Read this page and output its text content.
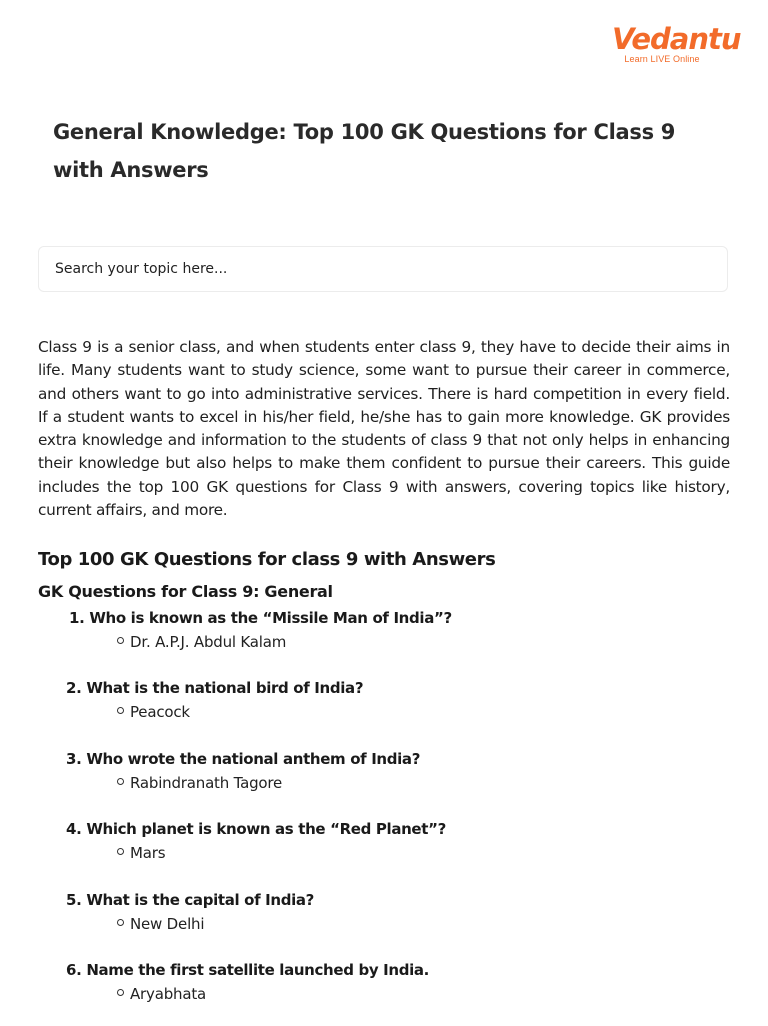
Vedantu
Learn LIVE Online
General Knowledge: Top 100 GK Questions for Class 9 with Answers
Search your topic here...

Class 9 is a senior class, and when students enter class 9, they have to decide their aims in life. Many students want to study science, some want to pursue their career in commerce, and others want to go into administrative services. There is hard competition in every field. If a student wants to excel in his/her field, he/she has to gain more knowledge. GK provides extra knowledge and information to the students of class 9 that not only helps in enhancing their knowledge but also helps to make them confident to pursue their careers. This guide includes the top 100 GK questions for Class 9 with answers, covering topics like history, current affairs, and more.

Top 100 GK Questions for class 9 with Answers
GK Questions for Class 9: General
1. Who is known as the “Missile Man of India”?
Dr. A.P.J. Abdul Kalam
2. What is the national bird of India?
Peacock
3. Who wrote the national anthem of India?
Rabindranath Tagore
4. Which planet is known as the “Red Planet”?
Mars
5. What is the capital of India?
New Delhi
6. Name the first satellite launched by India.
Aryabhata
